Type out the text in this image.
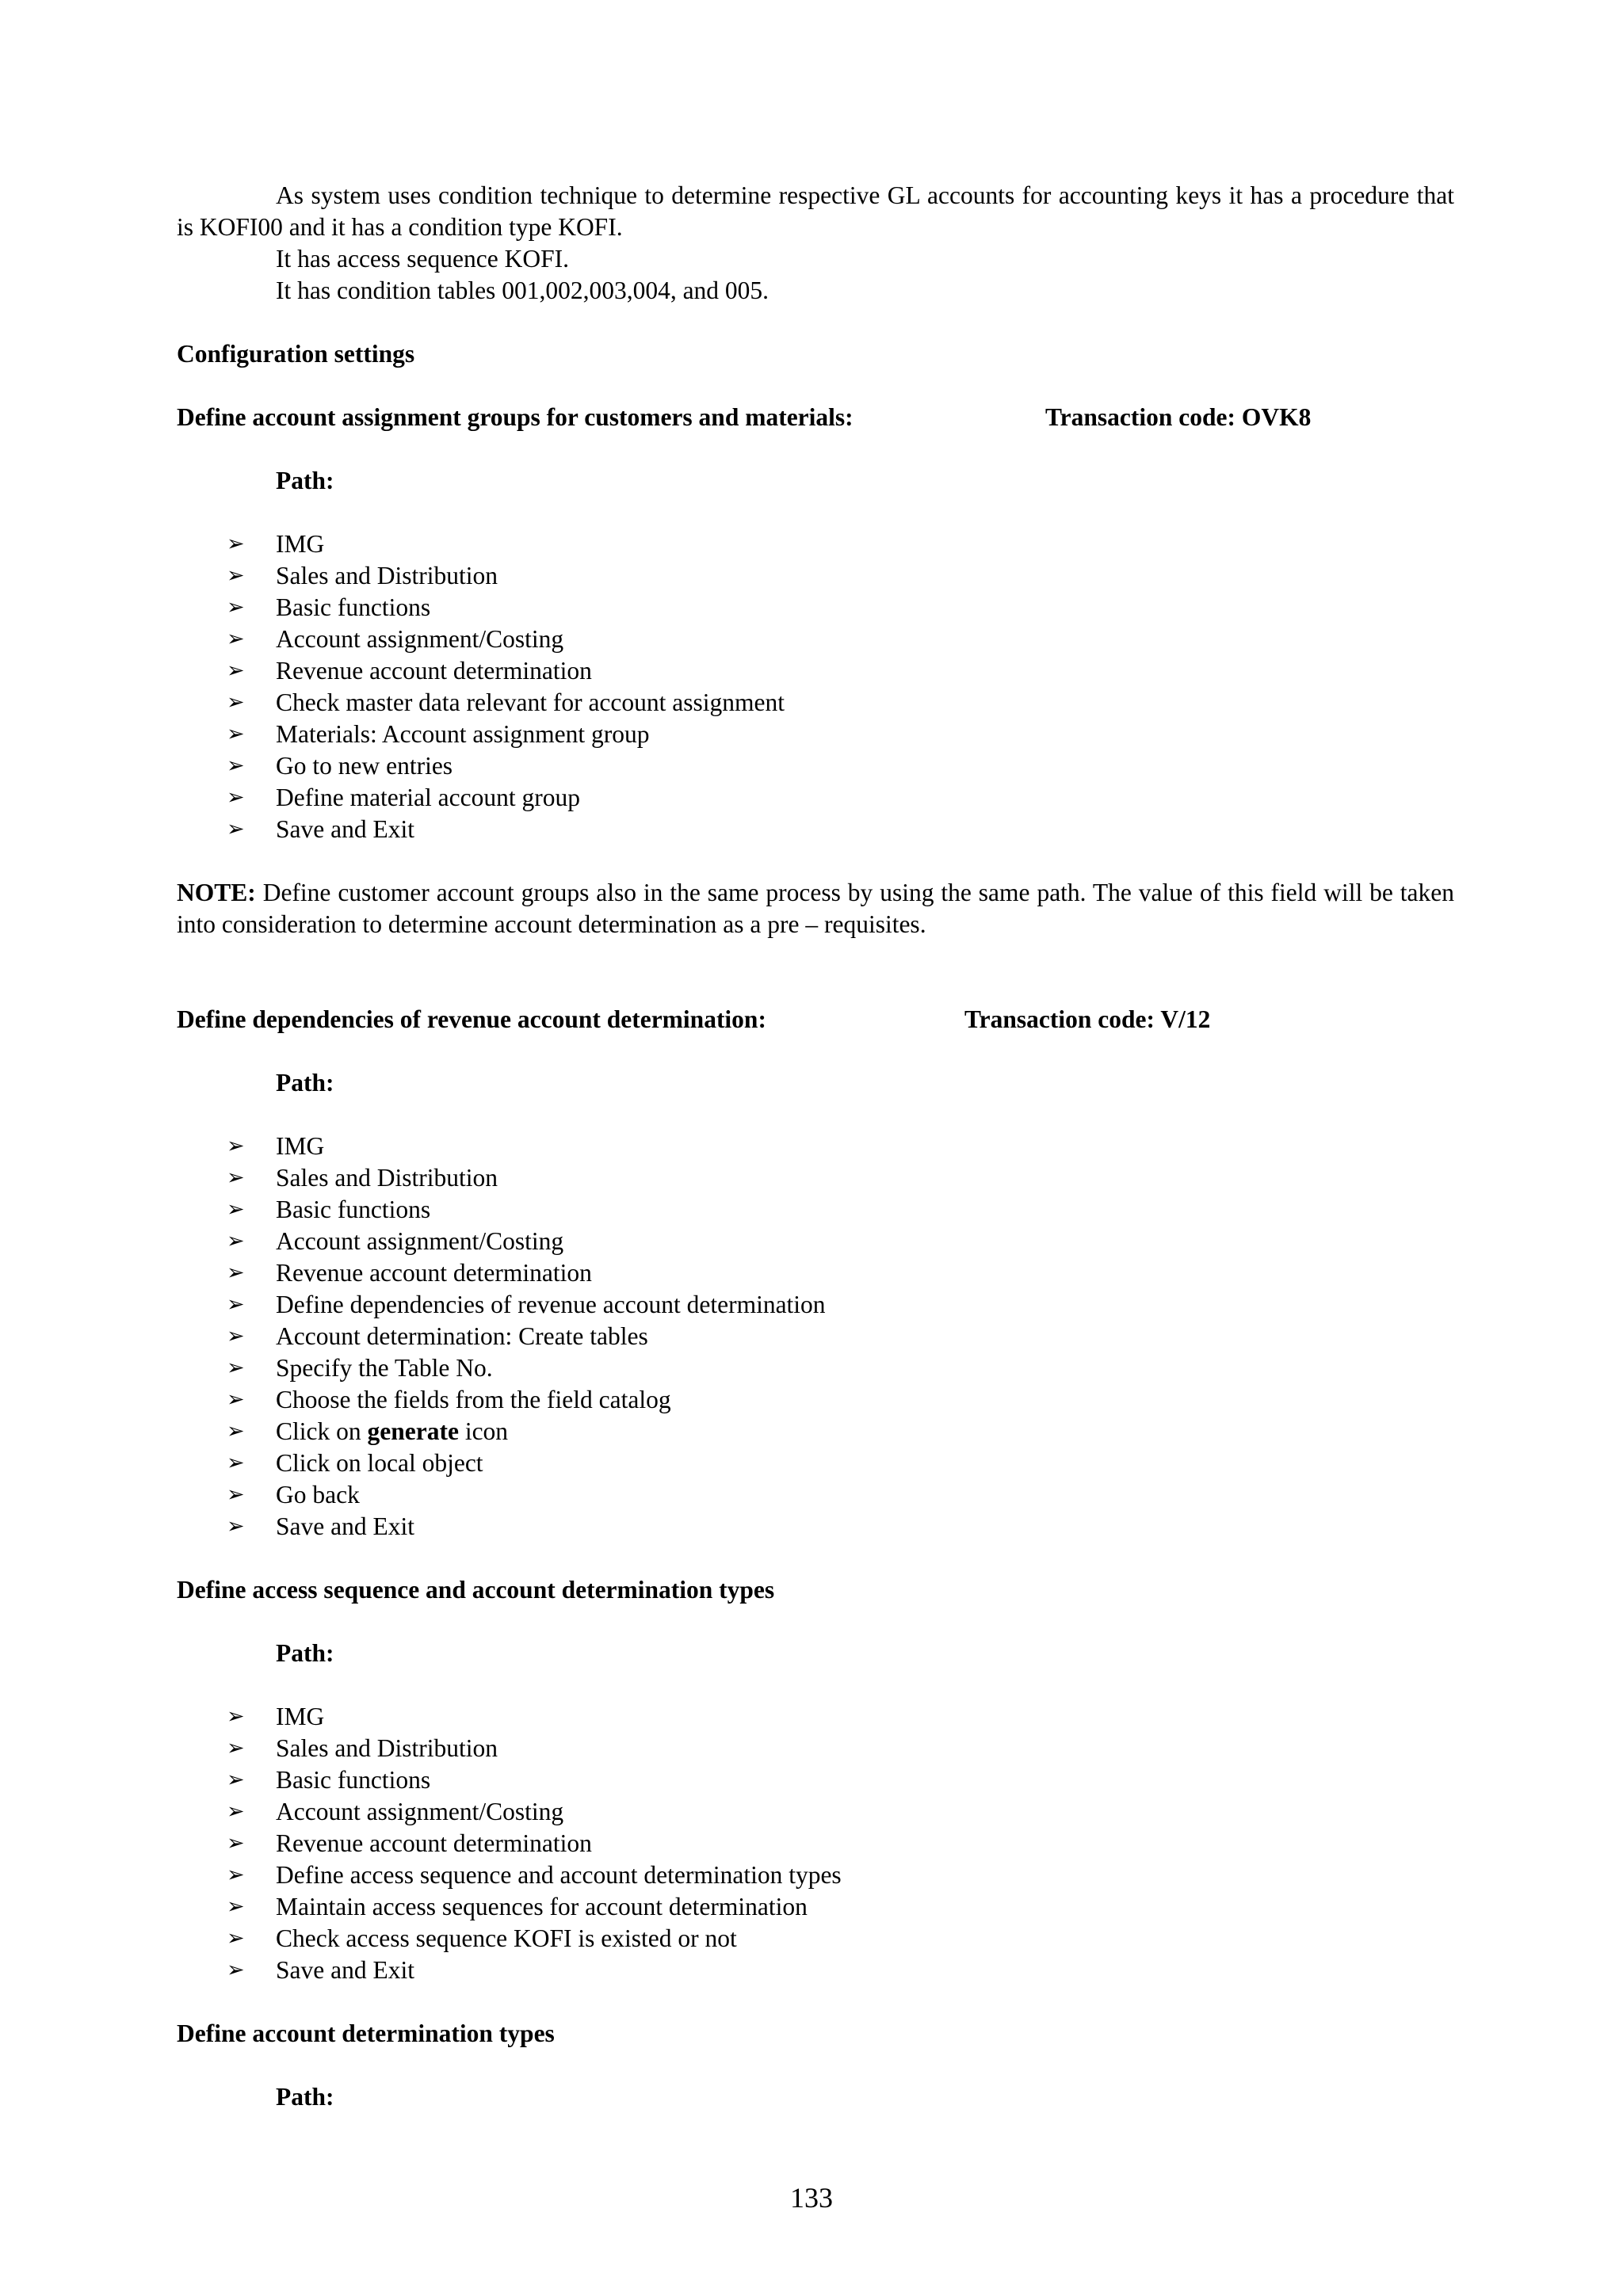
As system uses condition technique to determine respective GL accounts for accounting keys it has a procedure that is KOFI00 and it has a condition type KOFI.

It has access sequence KOFI.

It has condition tables 001,002,003,004, and 005.

Configuration settings

Define account assignment groups for customers and materials:	Transaction code: OVK8

Path:

➢ IMG
➢ Sales and Distribution
➢ Basic functions
➢ Account assignment/Costing
➢ Revenue account determination
➢ Check master data relevant for account assignment
➢ Materials: Account assignment group
➢ Go to new entries
➢ Define material account group
➢ Save and Exit

NOTE: Define customer account groups also in the same process by using the same path. The value of this field will be taken into consideration to determine account determination as a pre – requisites.

Define dependencies of revenue account determination:	Transaction code: V/12

Path:

➢ IMG
➢ Sales and Distribution
➢ Basic functions
➢ Account assignment/Costing
➢ Revenue account determination
➢ Define dependencies of revenue account determination
➢ Account determination: Create tables
➢ Specify the Table No.
➢ Choose the fields from the field catalog
➢ Click on generate icon
➢ Click on local object
➢ Go back
➢ Save and Exit

Define access sequence and account determination types

Path:

➢ IMG
➢ Sales and Distribution
➢ Basic functions
➢ Account assignment/Costing
➢ Revenue account determination
➢ Define access sequence and account determination types
➢ Maintain access sequences for account determination
➢ Check access sequence KOFI is existed or not
➢ Save and Exit

Define account determination types

Path:

133
